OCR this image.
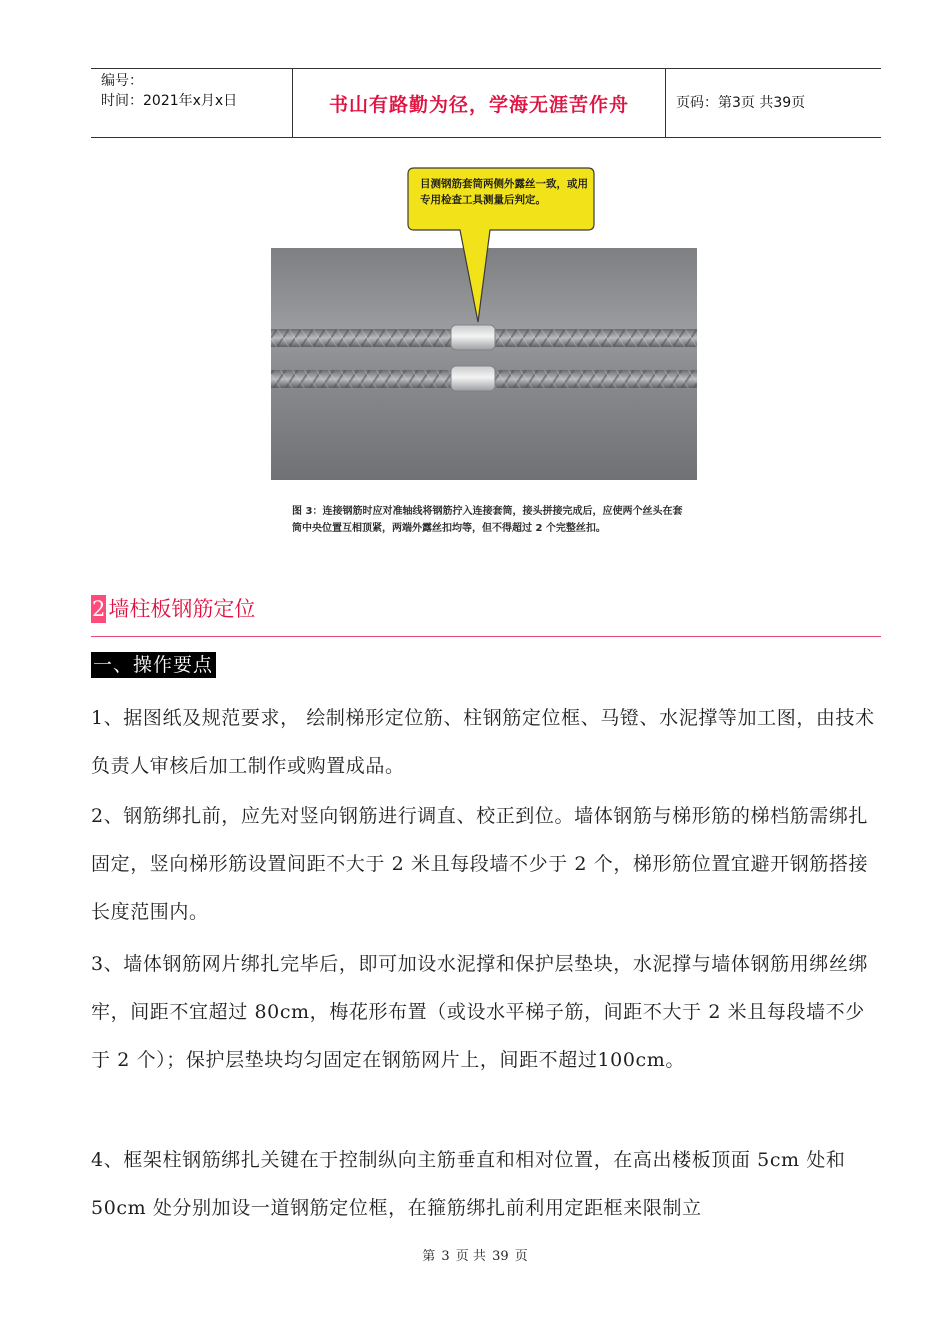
编号：
时间：2021年x月x日	书山有路勤为径，学海无涯苦作舟	页码：第3页 共39页
目测钢筋套筒两侧外露丝一致，或用专用检查工具测量后判定。
图 3：连接钢筋时应对准轴线将钢筋拧入连接套筒，接头拼接完成后，应使两个丝头在套筒中央位置互相顶紧，两端外露丝扣均等，但不得超过 2 个完整丝扣。
2 墙柱板钢筋定位
一、操作要点

1、据图纸及规范要求， 绘制梯形定位筋、柱钢筋定位框、马镫、水泥撑等加工图，由技术负责人审核后加工制作或购置成品。

2、钢筋绑扎前，应先对竖向钢筋进行调直、校正到位。墙体钢筋与梯形筋的梯档筋需绑扎固定，竖向梯形筋设置间距不大于 2 米且每段墙不少于 2 个，梯形筋位置宜避开钢筋搭接长度范围内。

3、墙体钢筋网片绑扎完毕后，即可加设水泥撑和保护层垫块，水泥撑与墙体钢筋用绑丝绑牢，间距不宜超过 80cm，梅花形布置（或设水平梯子筋，间距不大于 2 米且每段墙不少于 2 个）；保护层垫块均匀固定在钢筋网片上，间距不超过100cm。

4、框架柱钢筋绑扎关键在于控制纵向主筋垂直和相对位置，在高出楼板顶面 5cm 处和 50cm 处分别加设一道钢筋定位框，在箍筋绑扎前利用定距框来限制立

第 3 页 共 39 页
